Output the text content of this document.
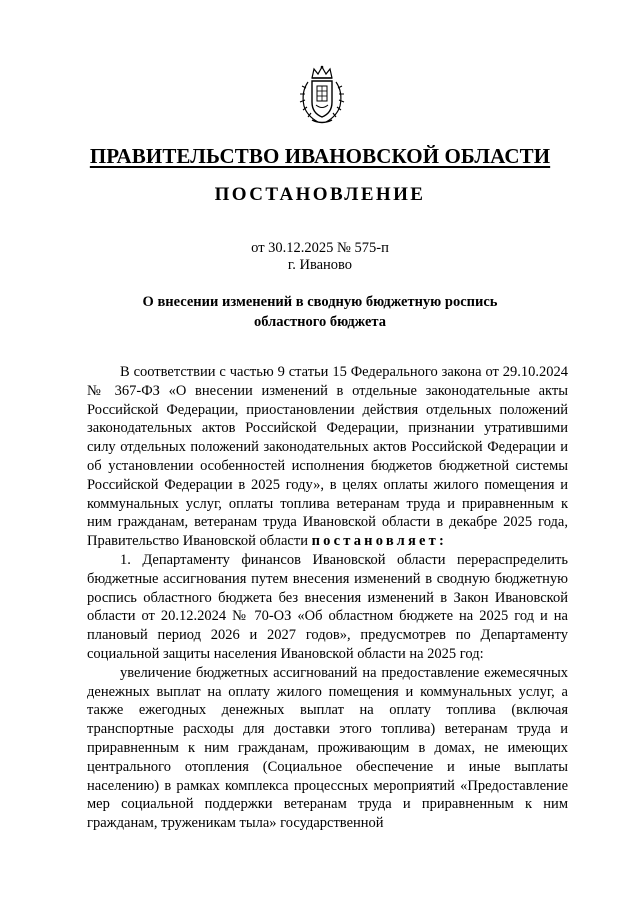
ПРАВИТЕЛЬСТВО ИВАНОВСКОЙ ОБЛАСТИ
ПОСТАНОВЛЕНИЕ
от 30.12.2025 № 575-п
г. Иваново
О внесении изменений в сводную бюджетную роспись
областного бюджета

В соответствии с частью 9 статьи 15 Федерального закона от 29.10.2024 № 367-ФЗ «О внесении изменений в отдельные законодательные акты Российской Федерации, приостановлении действия отдельных положений законодательных актов Российской Федерации, признании утратившими силу отдельных положений законодательных актов Российской Федерации и об установлении особенностей исполнения бюджетов бюджетной системы Российской Федерации в 2025 году», в целях оплаты жилого помещения и коммунальных услуг, оплаты топлива ветеранам труда и приравненным к ним гражданам, ветеранам труда Ивановской области в декабре 2025 года, Правительство Ивановской области постановляет:

1. Департаменту финансов Ивановской области перераспределить бюджетные ассигнования путем внесения изменений в сводную бюджетную роспись областного бюджета без внесения изменений в Закон Ивановской области от 20.12.2024 № 70-ОЗ «Об областном бюджете на 2025 год и на плановый период 2026 и 2027 годов», предусмотрев по Департаменту социальной защиты населения Ивановской области на 2025 год:

увеличение бюджетных ассигнований на предоставление ежемесячных денежных выплат на оплату жилого помещения и коммунальных услуг, а также ежегодных денежных выплат на оплату топлива (включая транспортные расходы для доставки этого топлива) ветеранам труда и приравненным к ним гражданам, проживающим в домах, не имеющих центрального отопления (Социальное обеспечение и иные выплаты населению) в рамках комплекса процессных мероприятий «Предоставление мер социальной поддержки ветеранам труда и приравненным к ним гражданам, труженикам тыла» государственной
